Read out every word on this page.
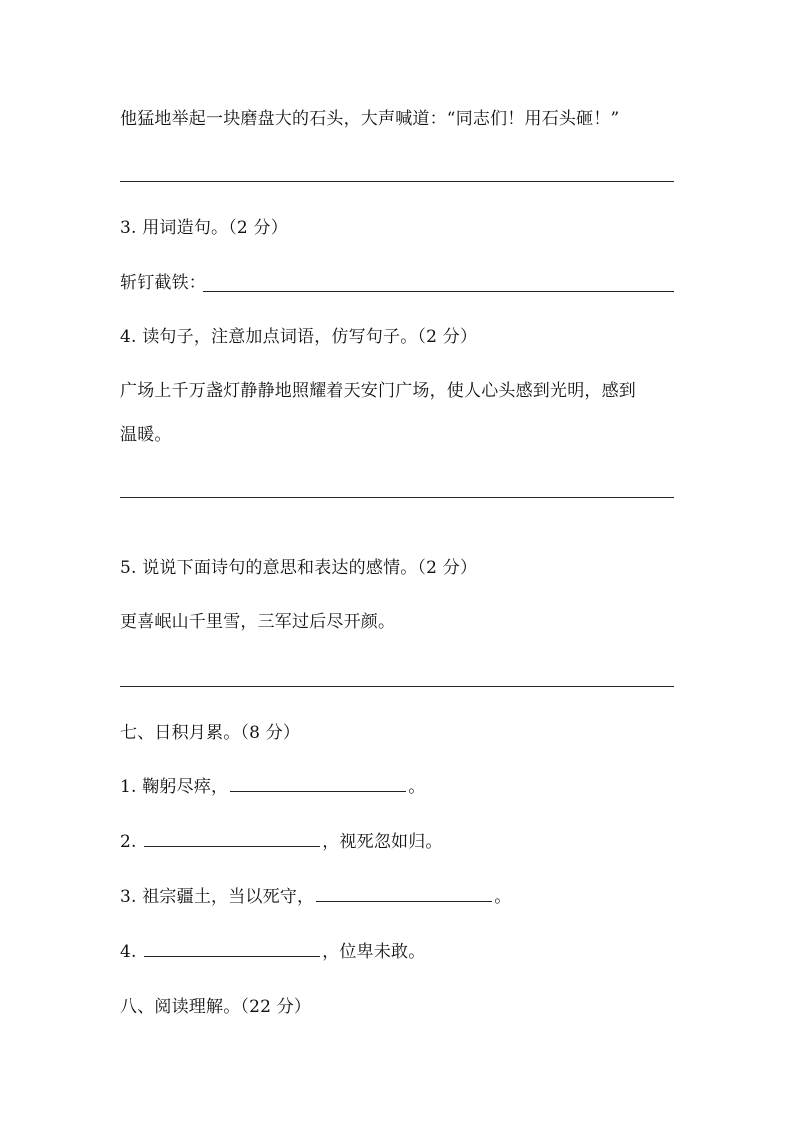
他猛地举起一块磨盘大的石头，大声喊道：“同志们！用石头砸！”
3. 用词造句。（2 分）
斩钉截铁：
4. 读句子，注意加点词语，仿写句子。（2 分）
广场上千万盏灯静静地照耀着天安门广场，使人心头感到光明，感到
温暖。
5. 说说下面诗句的意思和表达的感情。（2 分）
更喜岷山千里雪，三军过后尽开颜。
七、日积月累。（8 分）
1. 鞠躬尽瘁，	。
2.	，视死忽如归。
3. 祖宗疆土，当以死守，	。
4.	，位卑未敢。
八、阅读理解。（22 分）
